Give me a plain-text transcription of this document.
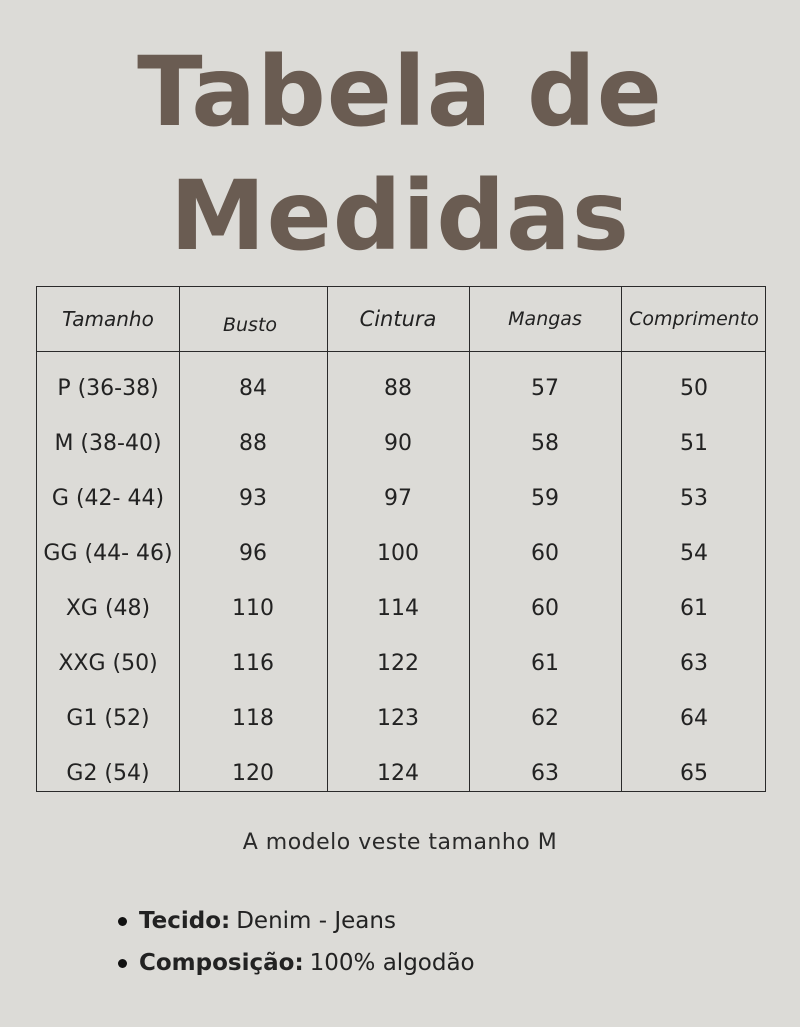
Tabela de
Medidas
Tamanho	Busto	Cintura	Mangas	Comprimento
P (36-38)	84	88	57	50
M (38-40)	88	90	58	51
G (42- 44)	93	97	59	53
GG (44- 46)	96	100	60	54
XG (48)	110	114	60	61
XXG (50)	116	122	61	63
G1 (52)	118	123	62	64
G2 (54)	120	124	63	65
A modelo veste tamanho M
Tecido: Denim - Jeans
Composição: 100% algodão
